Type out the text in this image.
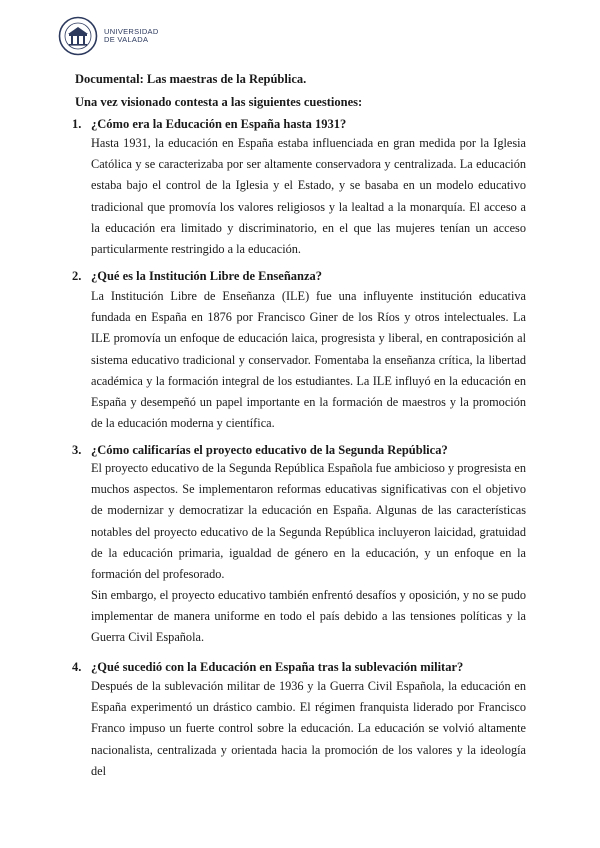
UNIVERSIDAD
DE VALADA
Documental: Las maestras de la República.
Una vez visionado contesta a las siguientes cuestiones:
1. ¿Cómo era la Educación en España hasta 1931?
Hasta 1931, la educación en España estaba influenciada en gran medida por la Iglesia Católica y se caracterizaba por ser altamente conservadora y centralizada. La educación estaba bajo el control de la Iglesia y el Estado, y se basaba en un modelo educativo tradicional que promovía los valores religiosos y la lealtad a la monarquía. El acceso a la educación era limitado y discriminatorio, en el que las mujeres tenían un acceso particularmente restringido a la educación.
2. ¿Qué es la Institución Libre de Enseñanza?
La Institución Libre de Enseñanza (ILE) fue una influyente institución educativa fundada en España en 1876 por Francisco Giner de los Ríos y otros intelectuales. La ILE promovía un enfoque de educación laica, progresista y liberal, en contraposición al sistema educativo tradicional y conservador. Fomentaba la enseñanza crítica, la libertad académica y la formación integral de los estudiantes. La ILE influyó en la educación en España y desempeñó un papel importante en la formación de maestros y la promoción de la educación moderna y científica.
3. ¿Cómo calificarías el proyecto educativo de la Segunda República?
El proyecto educativo de la Segunda República Española fue ambicioso y progresista en muchos aspectos. Se implementaron reformas educativas significativas con el objetivo de modernizar y democratizar la educación en España. Algunas de las características notables del proyecto educativo de la Segunda República incluyeron laicidad, gratuidad de la educación primaria, igualdad de género en la educación, y un enfoque en la formación del profesorado.
Sin embargo, el proyecto educativo también enfrentó desafíos y oposición, y no se pudo implementar de manera uniforme en todo el país debido a las tensiones políticas y la Guerra Civil Española.
4. ¿Qué sucedió con la Educación en España tras la sublevación militar?
Después de la sublevación militar de 1936 y la Guerra Civil Española, la educación en España experimentó un drástico cambio. El régimen franquista liderado por Francisco Franco impuso un fuerte control sobre la educación. La educación se volvió altamente nacionalista, centralizada y orientada hacia la promoción de los valores y la ideología del
